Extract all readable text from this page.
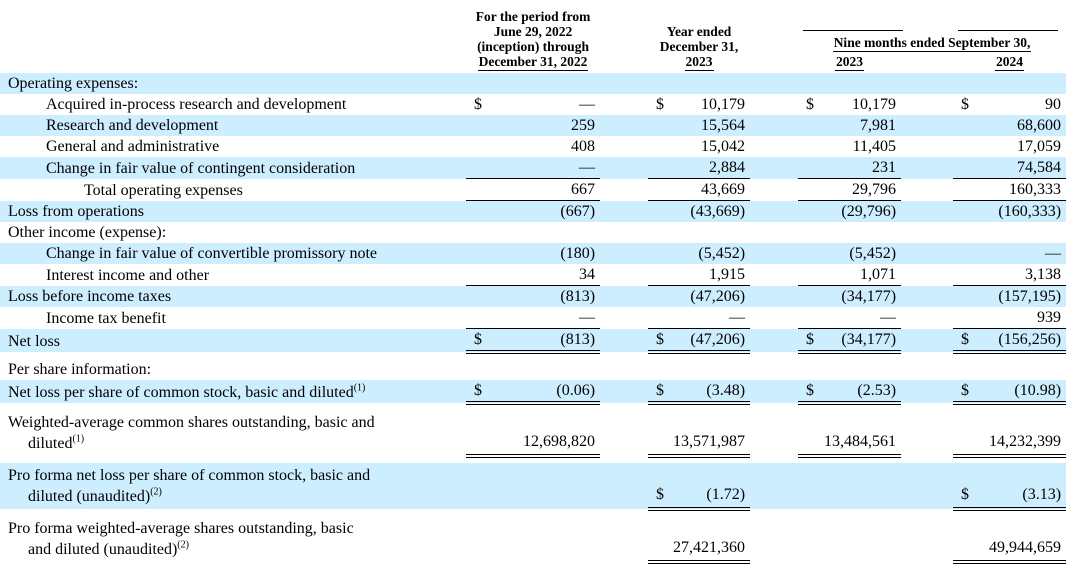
For the period from
June 29, 2022
(inception) through
December 31, 2022

Year ended
December 31,
2023

Nine months ended September 30,
2023	2024

Operating expenses:											

Acquired in-process research and development	$	—		$	10,179		$	10,179		$	90

Research and development		259			15,564			7,981			68,600

General and administrative		408			15,042			11,405			17,059

Change in fair value of contingent consideration		—			2,884			231			74,584

Total operating expenses		667			43,669			29,796			160,333

Loss from operations		(667)			(43,669)			(29,796)			(160,333)

Other income (expense):											

Change in fair value of convertible promissory note		(180)			(5,452)			(5,452)			—

Interest income and other		34			1,915			1,071			3,138

Loss before income taxes		(813)			(47,206)			(34,177)			(157,195)

Income tax benefit		—			—			—			939

Net loss	$	(813)		$	(47,206)		$	(34,177)		$	(156,256)

Per share information:											

Net loss per share of common stock, basic and diluted$^{(1)}$	$	(0.06)		$	(3.48)		$	(2.53)		$	(10.98)

Weighted-average common shares outstanding, basic and
diluted$^{(1)}$		12,698,820			13,571,987			13,484,561			14,232,399

Pro forma net loss per share of common stock, basic and
diluted (unaudited)$^{(2)}$				$	(1.72)					$	(3.13)

Pro forma weighted-average shares outstanding, basic
and diluted (unaudited)$^{(2)}$					27,421,360						49,944,659
